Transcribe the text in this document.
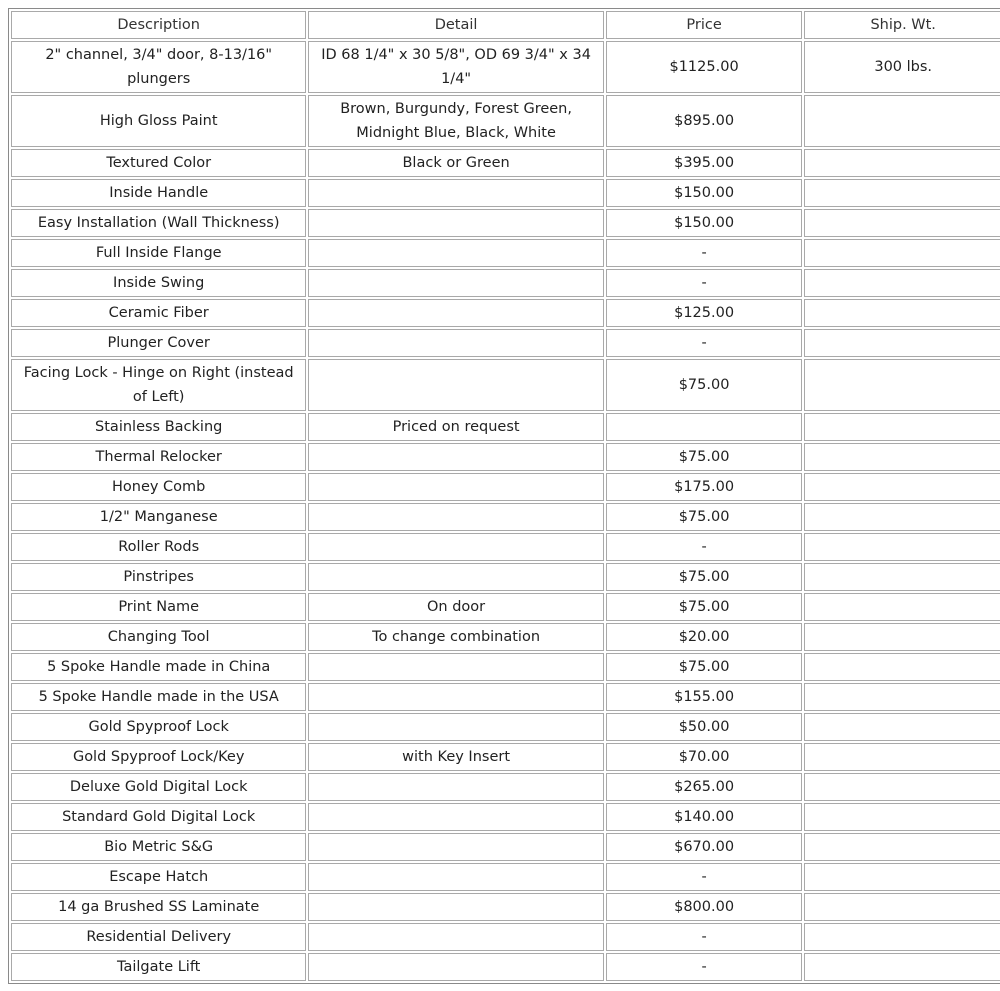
Description	Detail	Price	Ship. Wt.
2" channel, 3/4" door, 8-13/16" plungers	ID 68 1/4" x 30 5/8", OD 69 3/4" x 34 1/4"	$1125.00	300 lbs.
High Gloss Paint	Brown, Burgundy, Forest Green, Midnight Blue, Black, White	$895.00	
Textured Color	Black or Green	$395.00	
Inside Handle		$150.00	
Easy Installation (Wall Thickness)		$150.00	
Full Inside Flange		-	
Inside Swing		-	
Ceramic Fiber		$125.00	
Plunger Cover		-	
Facing Lock - Hinge on Right (instead of Left)		$75.00	
Stainless Backing	Priced on request		
Thermal Relocker		$75.00	
Honey Comb		$175.00	
1/2" Manganese		$75.00	
Roller Rods		-	
Pinstripes		$75.00	
Print Name	On door	$75.00	
Changing Tool	To change combination	$20.00	
5 Spoke Handle made in China		$75.00	
5 Spoke Handle made in the USA		$155.00	
Gold Spyproof Lock		$50.00	
Gold Spyproof Lock/Key	with Key Insert	$70.00	
Deluxe Gold Digital Lock		$265.00	
Standard Gold Digital Lock		$140.00	
Bio Metric S&G		$670.00	
Escape Hatch		-	
14 ga Brushed SS Laminate		$800.00	
Residential Delivery		-	
Tailgate Lift		-	
